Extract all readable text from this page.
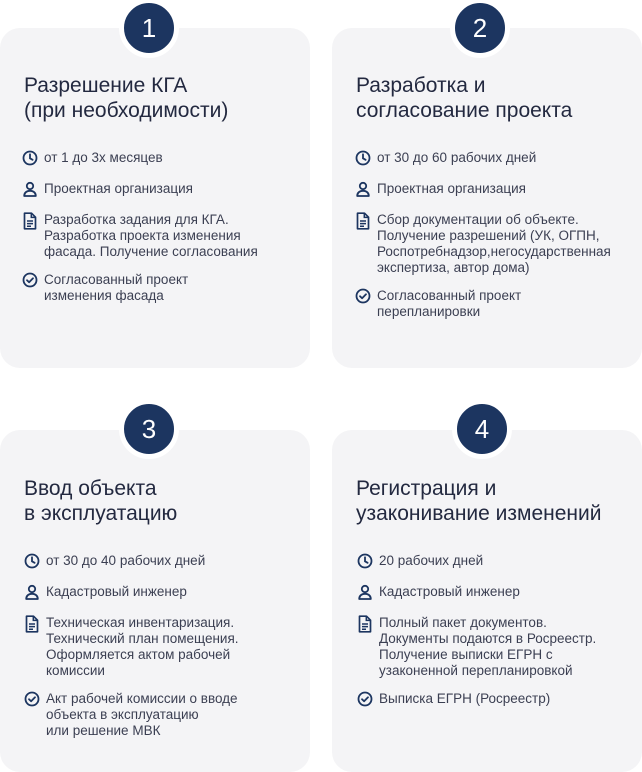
1
Разрешение КГА
(при необходимости)
от 1 до 3х месяцев
Проектная организация
Разработка задания для КГА.
Разработка проекта изменения
фасада. Получение согласования
Согласованный проект
изменения фасада
2
Разработка и
согласование проекта
от 30 до 60 рабочих дней
Проектная организация
Сбор документации об объекте.
Получение разрешений (УК, ОГПН,
Роспотребнадзор,негосударственная
экспертиза, автор дома)
Согласованный проект
перепланировки
3
Ввод объекта
в эксплуатацию
от 30 до 40 рабочих дней
Кадастровый инженер
Техническая инвентаризация.
Технический план помещения.
Оформляется актом рабочей
комиссии
Акт рабочей комиссии о вводе
объекта в эксплуатацию
или решение МВК
4
Регистрация и
узаконивание изменений
20 рабочих дней
Кадастровый инженер
Полный пакет документов.
Документы подаются в Росреестр.
Получение выписки ЕГРН с
узаконенной перепланировкой
Выписка ЕГРН (Росреестр)
